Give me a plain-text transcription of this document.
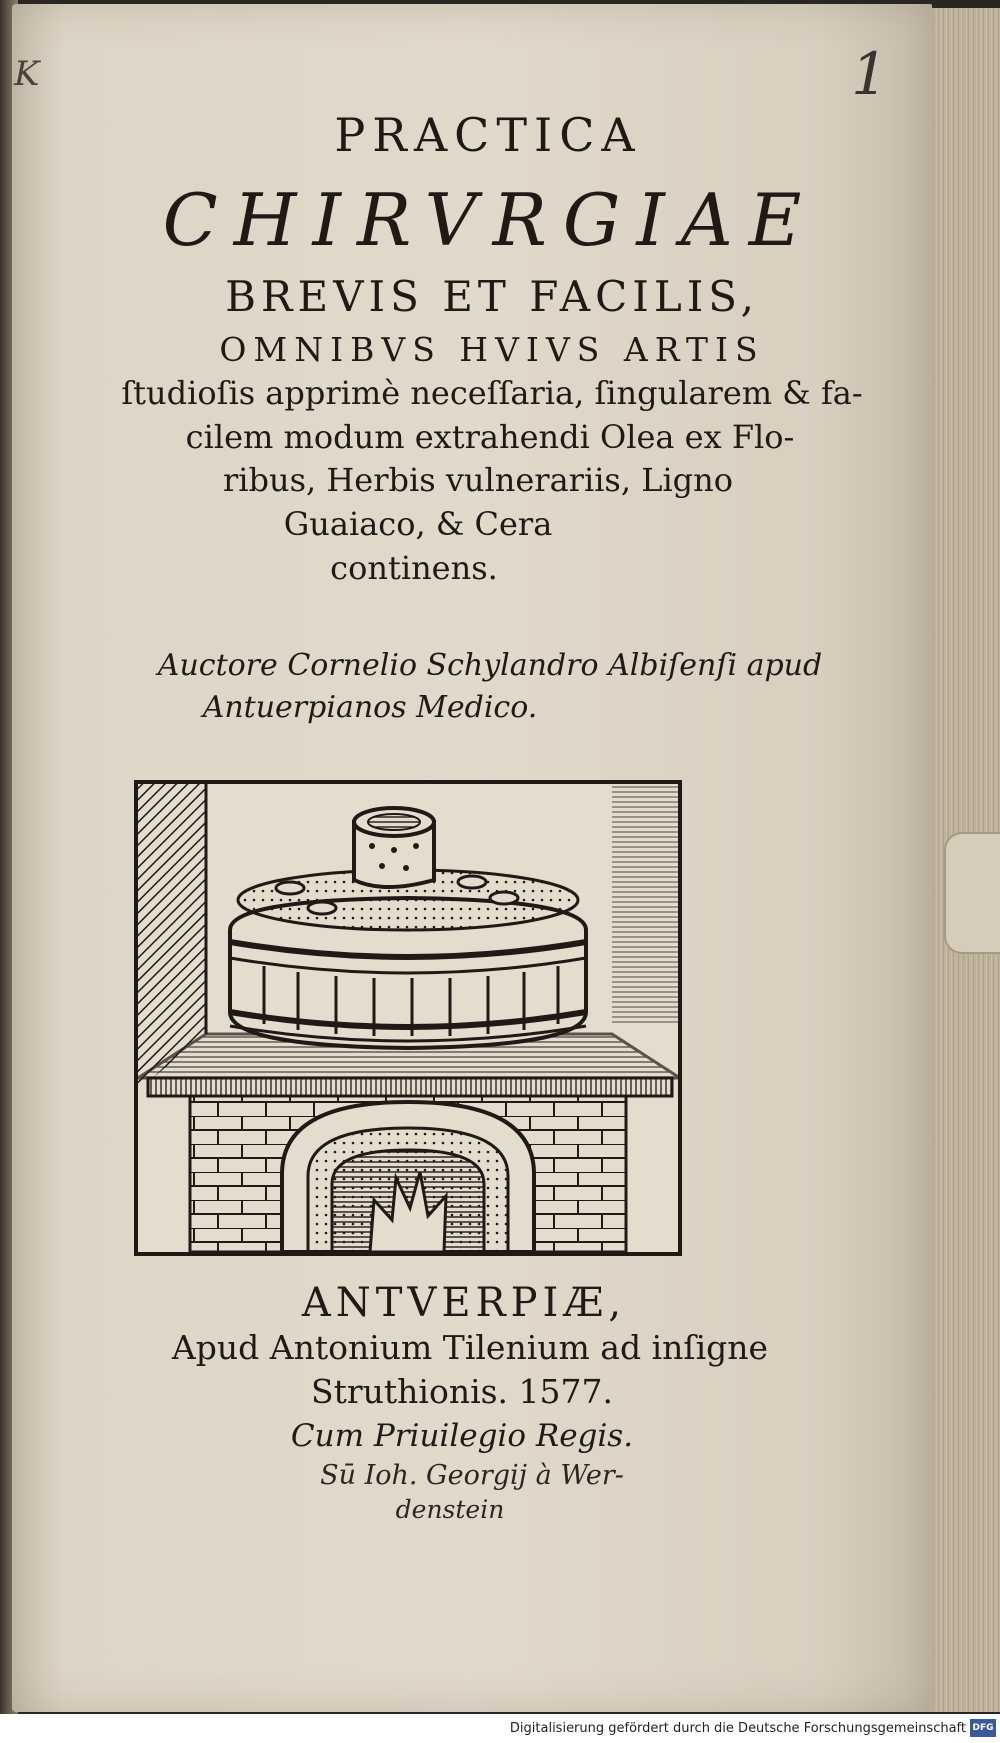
K	1
PRACTICA
CHIRVRGIAE
BREVIS ET FACILIS,
OMNIBVS HVIVS ARTIS
ſtudioſis apprimè neceſſaria, ſingularem & fa-
cilem modum extrahendi Olea ex Flo-
ribus, Herbis vulnerariis, Ligno
Guaiaco, & Cera
continens.
Auctore Cornelio Schylandro Albiſenſi apud
Antuerpianos Medico.
ANTVERPIÆ,
Apud Antonium Tilenium ad inſigne
Struthionis. 1577.
Cum Priuilegio Regis.
Sū Ioh. Georgij à Wer-
denstein
Digitalisierung gefördert durch die Deutsche Forschungsgemeinschaft DFG
